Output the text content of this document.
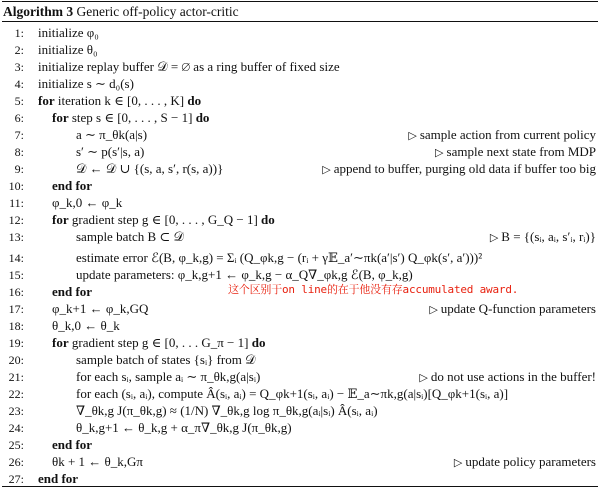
Algorithm 3 Generic off-policy actor-critic
1: initialize φ₀
2: initialize θ₀
3: initialize replay buffer 𝒟 = ∅ as a ring buffer of fixed size
4: initialize s ∼ d₀(s)
5: for iteration k ∈ [0, . . . , K] do
6: for step s ∈ [0, . . . , S − 1] do
7:	a ∼ π_θk(a|s)	▷ sample action from current policy
8:	s′ ∼ p(s′|s, a)	▷ sample next state from MDP
9:	𝒟 ← 𝒟 ∪ {(s, a, s′, r(s, a))}	▷ append to buffer, purging old data if buffer too big
10: end for
11: φ_k,0 ← φ_k
12: for gradient step g ∈ [0, . . . , G_Q − 1] do
13:	sample batch B ⊂ 𝒟	▷ B = {(sᵢ, aᵢ, s′ᵢ, rᵢ)}
14:	estimate error ℰ(B, φ_k,g) = Σᵢ (Q_φk,g − (rᵢ + γ𝔼_a′∼πk(a′|s′) Q_φk(s′, a′)))²
15:	update parameters: φ_k,g+1 ← φ_k,g − α_Q∇_φk,g ℰ(B, φ_k,g)
16: end for
17: φ_k+1 ← φ_k,GQ	▷ update Q-function parameters
18: θ_k,0 ← θ_k
19: for gradient step g ∈ [0, . . . G_π − 1] do
20:	sample batch of states {sᵢ} from 𝒟
21:	for each sᵢ, sample aᵢ ∼ π_θk,g(a|sᵢ)	▷ do not use actions in the buffer!
22:	for each (sᵢ, aᵢ), compute Â(sᵢ, aᵢ) = Q_φk+1(sᵢ, aᵢ) − 𝔼_a∼πk,g(a|sᵢ)[Q_φk+1(sᵢ, a)]
23:	∇_θk,g J(π_θk,g) ≈ (1/N) ∇_θk,g log π_θk,g(aᵢ|sᵢ) Â(sᵢ, aᵢ)
24:	θ_k,g+1 ← θ_k,g + α_π∇_θk,g J(π_θk,g)
25: end for
26: θk + 1 ← θ_k,Gπ	▷ update policy parameters
27: end for
这个区别于on line的在于他没有存accumulated award.
